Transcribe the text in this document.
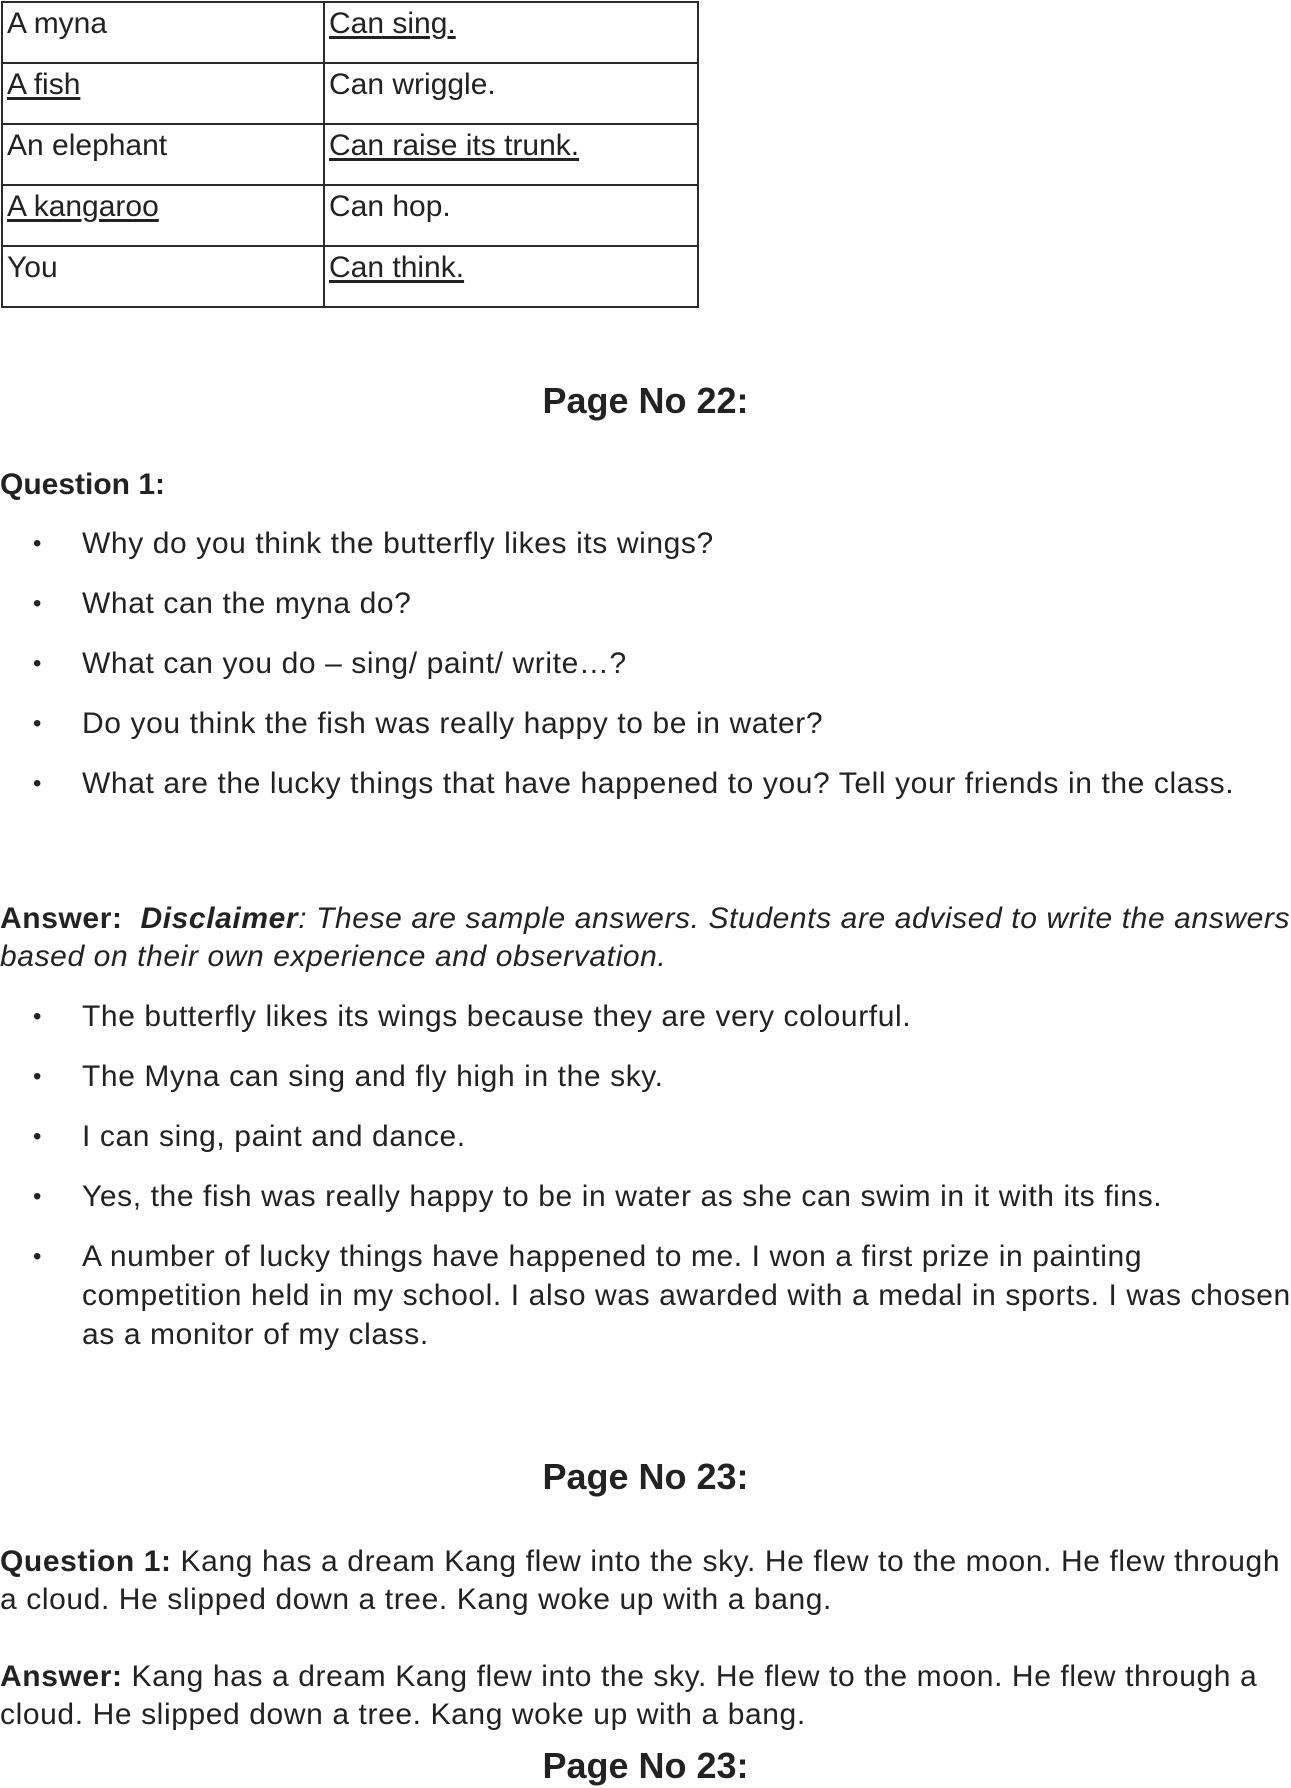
A myna	Can sing.
A fish	Can wriggle.
An elephant	Can raise its trunk.
A kangaroo	Can hop.
You	Can think.
Page No 22:
Question 1:
• Why do you think the butterfly likes its wings?
• What can the myna do?
• What can you do – sing/ paint/ write…?
• Do you think the fish was really happy to be in water?
• What are the lucky things that have happened to you? Tell your friends in the class.
Answer: Disclaimer: These are sample answers. Students are advised to write the answers based on their own experience and observation.
• The butterfly likes its wings because they are very colourful.
• The Myna can sing and fly high in the sky.
• I can sing, paint and dance.
• Yes, the fish was really happy to be in water as she can swim in it with its fins.
• A number of lucky things have happened to me. I won a first prize in painting competition held in my school. I also was awarded with a medal in sports. I was chosen as a monitor of my class.
Page No 23:
Question 1: Kang has a dream Kang flew into the sky. He flew to the moon. He flew through a cloud. He slipped down a tree. Kang woke up with a bang.
Answer: Kang has a dream Kang flew into the sky. He flew to the moon. He flew through a cloud. He slipped down a tree. Kang woke up with a bang.
Page No 23:
